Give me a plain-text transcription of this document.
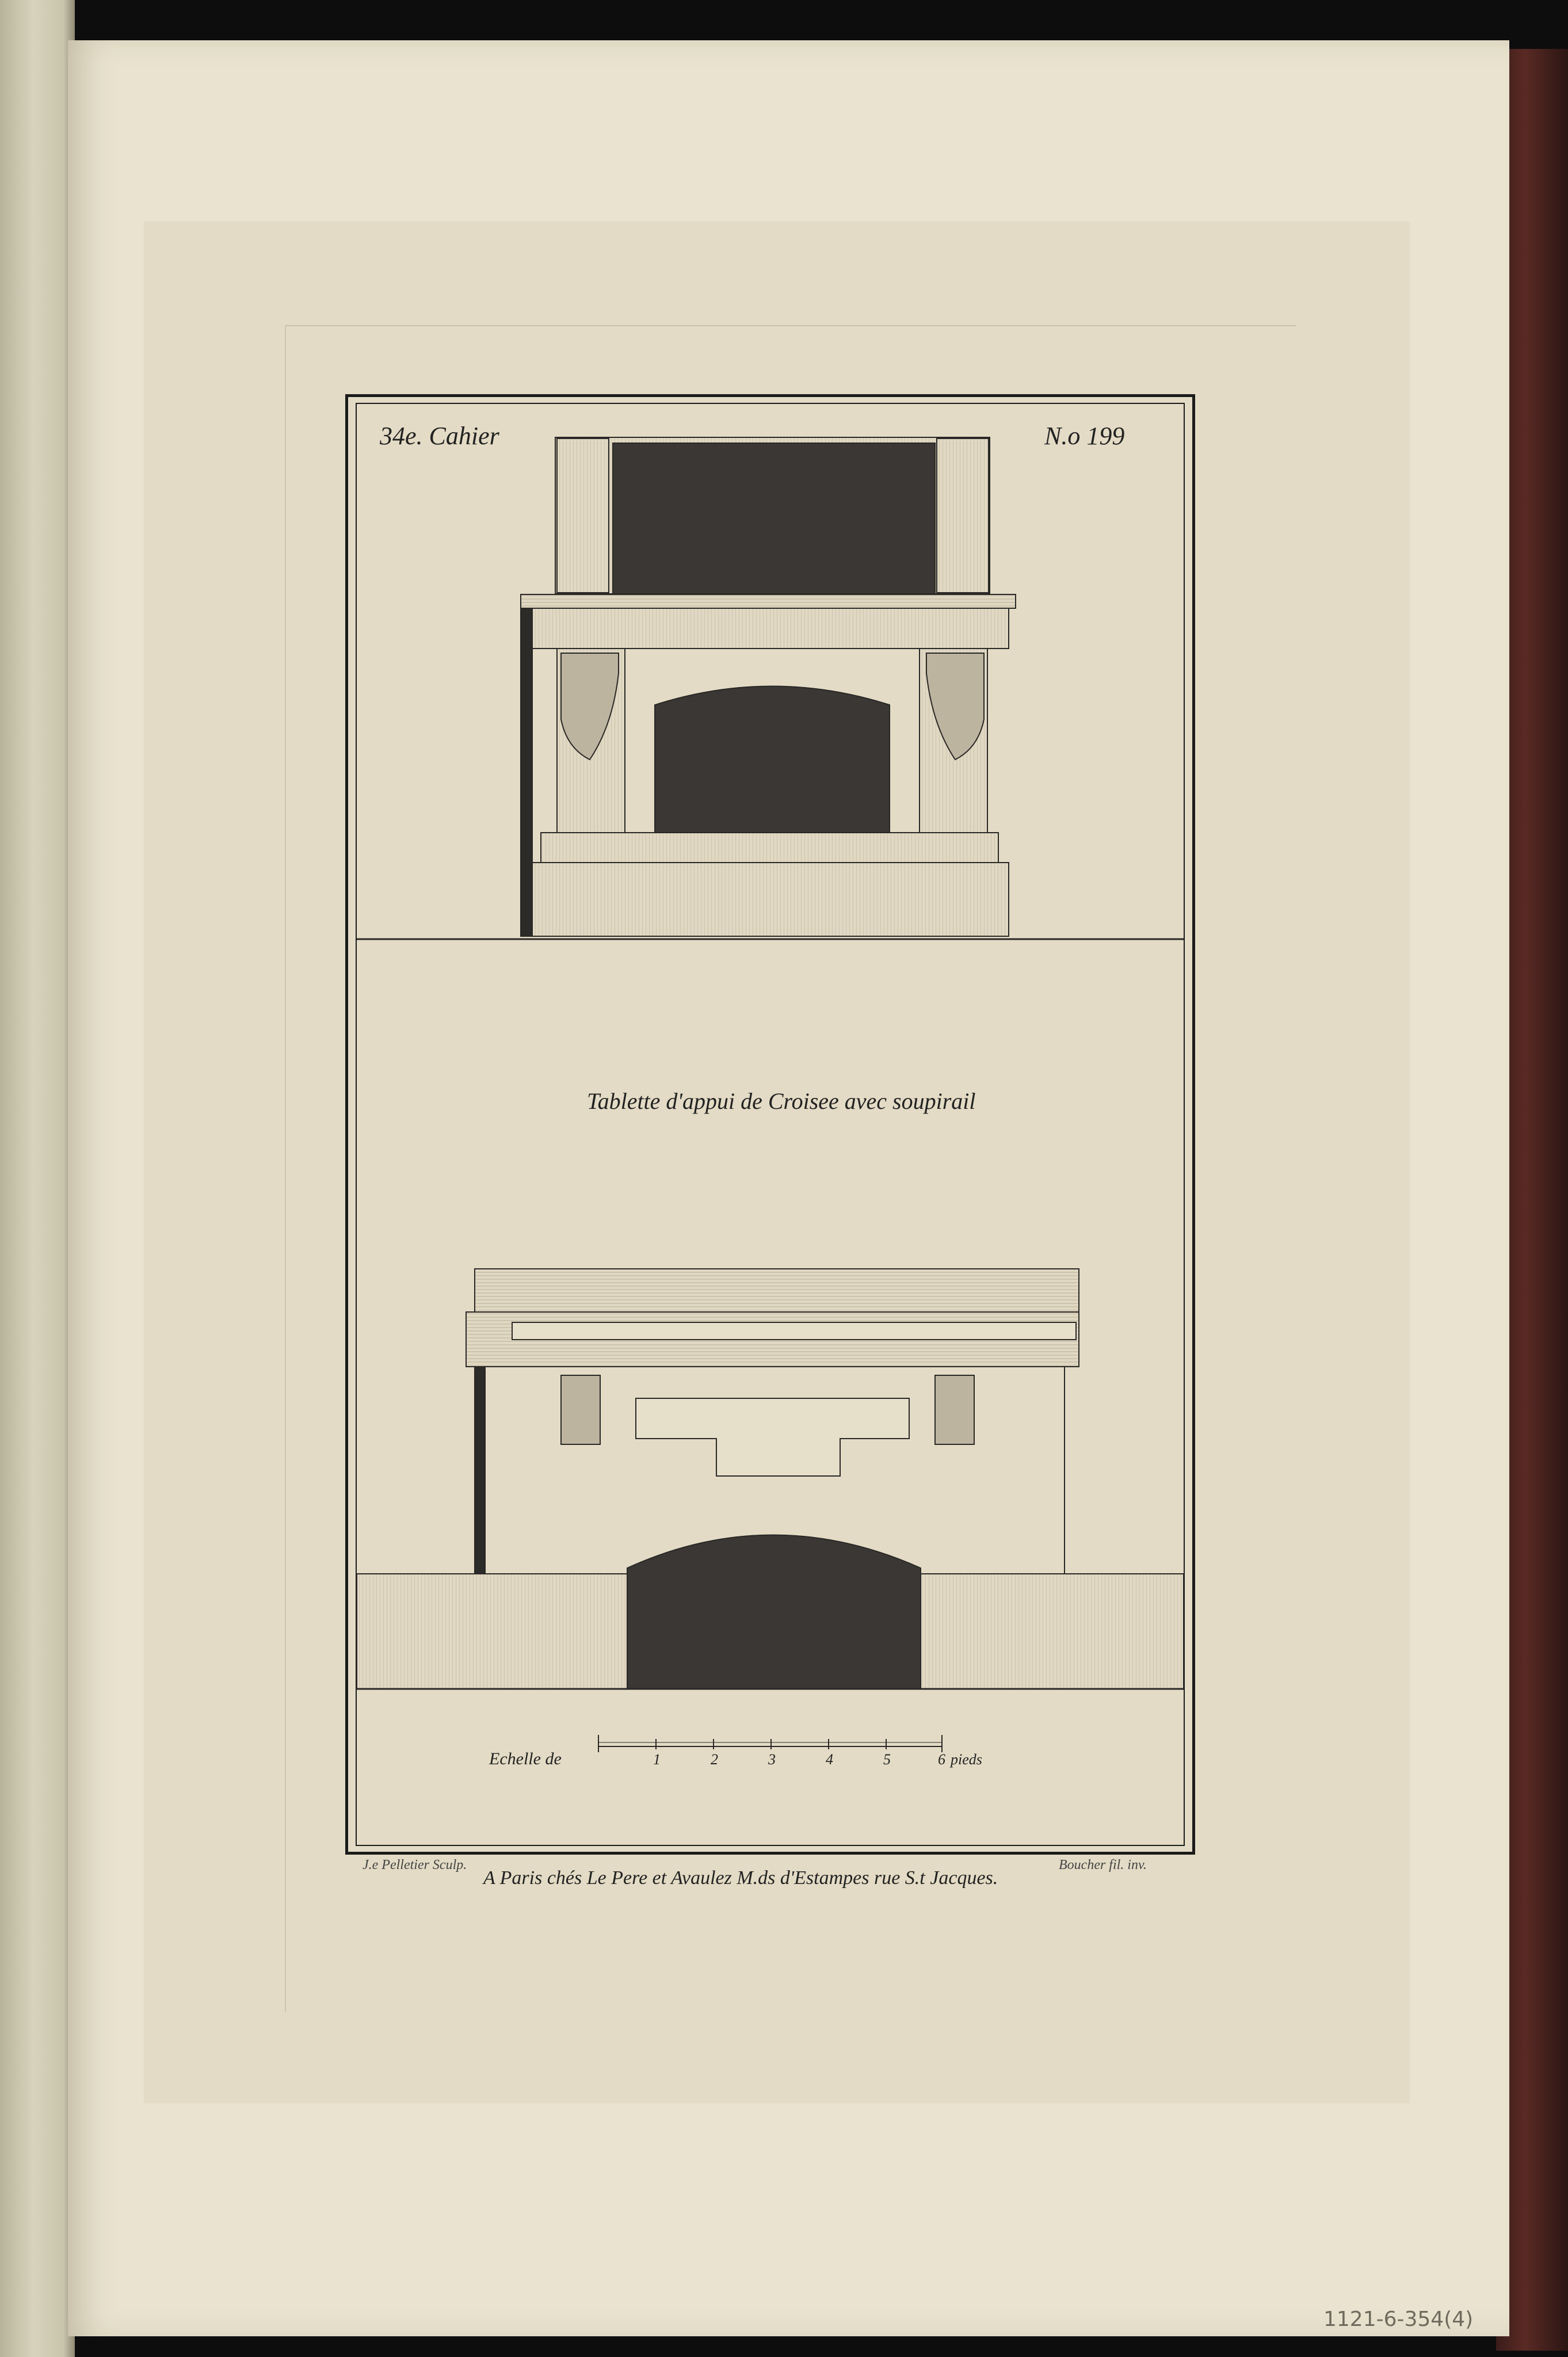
34e. Cahier	N.o 199
Tablette d'appui de Croisee avec soupirail
Echelle de	1	2	3	4	5	6 pieds
J.e Pelletier Sculp.	Boucher fil. inv.
A Paris chés Le Pere et Avaulez M.ds d'Estampes rue S.t Jacques.
1121-6-354(4)
